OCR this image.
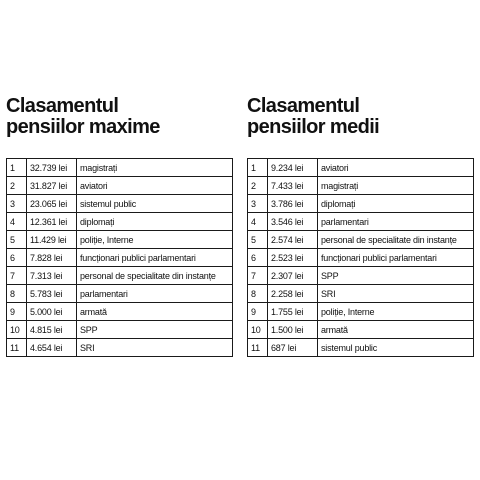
Clasamentul
pensiilor maxime
1	32.739 lei	magistrați
2	31.827 lei	aviatori
3	23.065 lei	sistemul public
4	12.361 lei	diplomați
5	11.429 lei	poliție, Interne
6	7.828 lei	funcționari publici parlamentari
7	7.313 lei	personal de specialitate din instanțe
8	5.783 lei	parlamentari
9	5.000 lei	armată
10	4.815 lei	SPP
11	4.654 lei	SRI
Clasamentul
pensiilor medii
1	9.234 lei	aviatori
2	7.433 lei	magistrați
3	3.786 lei	diplomați
4	3.546 lei	parlamentari
5	2.574 lei	personal de specialitate din instanțe
6	2.523 lei	funcționari publici parlamentari
7	2.307 lei	SPP
8	2.258 lei	SRI
9	1.755 lei	poliție, Interne
10	1.500 lei	armată
11	687 lei	sistemul public
